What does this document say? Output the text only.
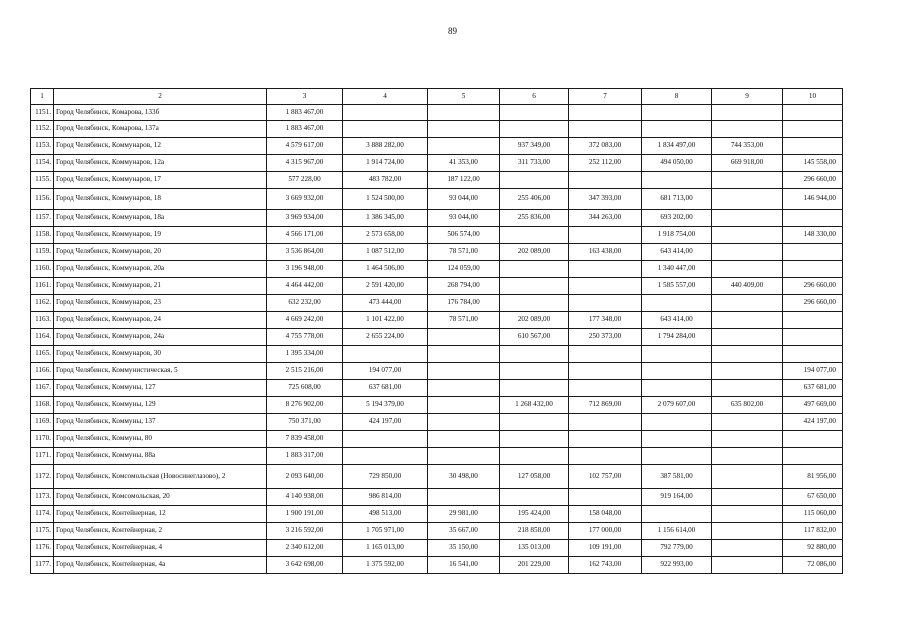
89
1	2	3	4	5	6	7	8	9	10
1151.	Город Челябинск, Комарова, 133б	1 883 467,00							
1152.	Город Челябинск, Комарова, 137а	1 883 467,00							
1153.	Город Челябинск, Коммунаров, 12	4 579 617,00	3 888 282,00		937 349,00	372 083,00	1 834 497,00	744 353,00	
1154.	Город Челябинск, Коммунаров, 12а	4 315 967,00	1 914 724,00	41 353,00	311 733,00	252 112,00	494 050,00	669 918,00	145 558,00
1155.	Город Челябинск, Коммунаров, 17	577 228,00	483 782,00	187 122,00					296 660,00
1156.	Город Челябинск, Коммунаров, 18	3 669 932,00	1 524 500,00	93 044,00	255 406,00	347 393,00	681 713,00		146 944,00
1157.	Город Челябинск, Коммунаров, 18а	3 969 934,00	1 386 345,00	93 044,00	255 836,00	344 263,00	693 202,00		
1158.	Город Челябинск, Коммунаров, 19	4 566 171,00	2 573 658,00	506 574,00			1 918 754,00		148 330,00
1159.	Город Челябинск, Коммунаров, 20	3 536 864,00	1 087 512,00	78 571,00	202 089,00	163 438,00	643 414,00		
1160.	Город Челябинск, Коммунаров, 20а	3 196 948,00	1 464 506,00	124 059,00			1 340 447,00		
1161.	Город Челябинск, Коммунаров, 21	4 464 442,00	2 591 420,00	268 794,00			1 585 557,00	440 409,00	296 660,00
1162.	Город Челябинск, Коммунаров, 23	632 232,00	473 444,00	176 784,00					296 660,00
1163.	Город Челябинск, Коммунаров, 24	4 669 242,00	1 101 422,00	78 571,00	202 089,00	177 348,00	643 414,00		
1164.	Город Челябинск, Коммунаров, 24а	4 755 778,00	2 655 224,00		610 567,00	250 373,00	1 794 284,00		
1165.	Город Челябинск, Коммунаров, 30	1 395 334,00							
1166.	Город Челябинск, Коммунистическая, 5	2 515 216,00	194 077,00						194 077,00
1167.	Город Челябинск, Коммуны, 127	725 608,00	637 681,00						637 681,00
1168.	Город Челябинск, Коммуны, 129	8 276 902,00	5 194 379,00		1 268 432,00	712 869,00	2 079 607,00	635 802,00	497 669,00
1169.	Город Челябинск, Коммуны, 137	750 371,00	424 197,00						424 197,00
1170.	Город Челябинск, Коммуны, 80	7 839 458,00							
1171.	Город Челябинск, Коммуны, 88а	1 883 317,00							
1172.	Город Челябинск, Комсомольская (Новосинеглазово), 2	2 093 640,00	729 850,00	30 498,00	127 058,00	102 757,00	387 581,00		81 956,00
1173.	Город Челябинск, Комсомольская, 20	4 140 938,00	986 814,00				919 164,00		67 650,00
1174.	Город Челябинск, Контейнерная, 12	1 900 191,00	498 513,00	29 981,00	195 424,00	158 048,00			115 060,00
1175.	Город Челябинск, Контейнерная, 2	3 216 592,00	1 705 971,00	35 667,00	218 858,00	177 000,00	1 156 614,00		117 832,00
1176.	Город Челябинск, Контейнерная, 4	2 340 612,00	1 165 013,00	35 150,00	135 013,00	109 191,00	792 779,00		92 880,00
1177.	Город Челябинск, Контейнерная, 4а	3 642 698,00	1 375 592,00	16 541,00	201 229,00	162 743,00	922 993,00		72 086,00
